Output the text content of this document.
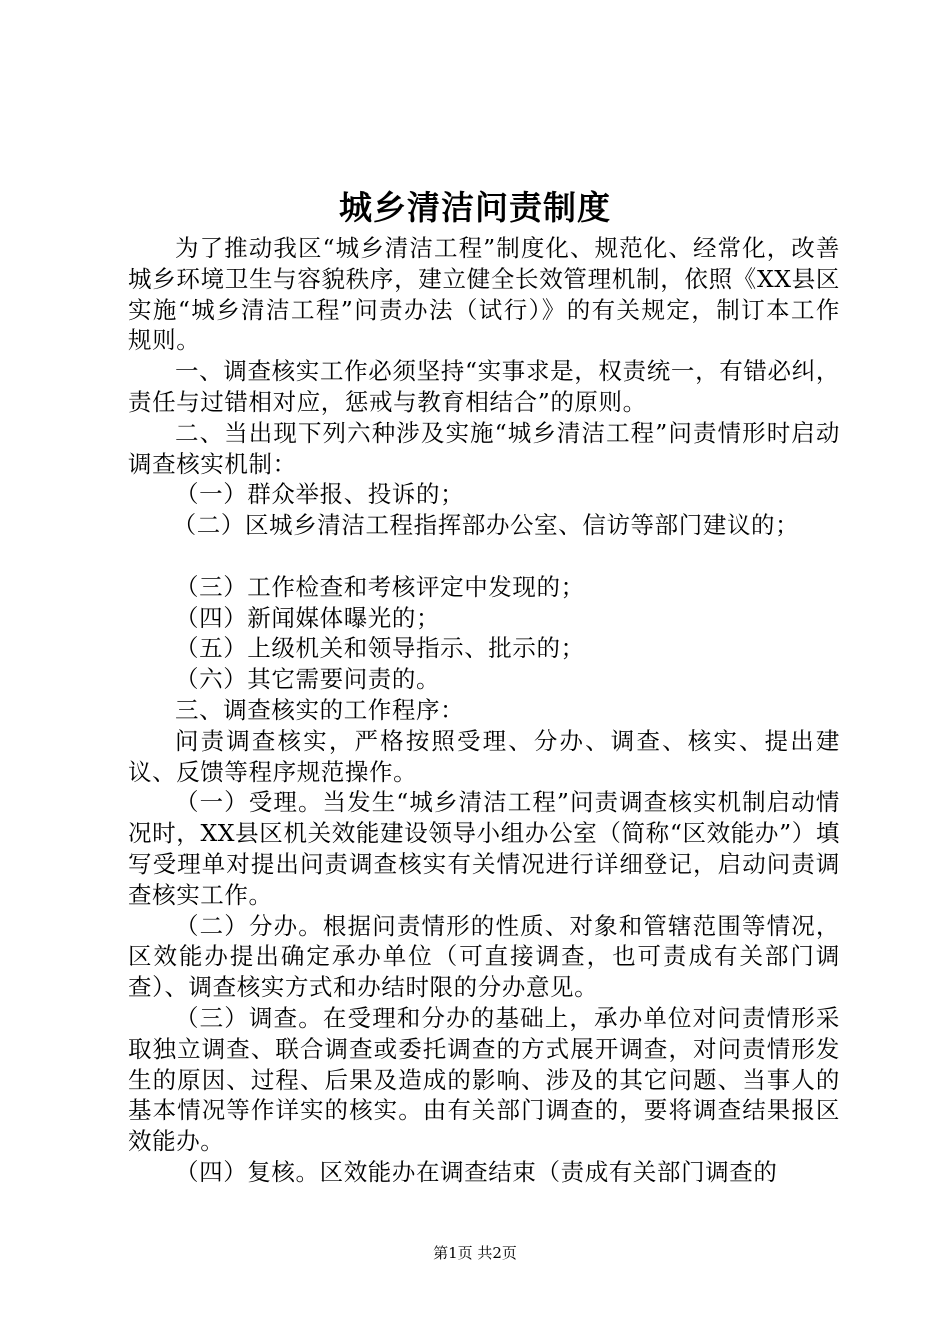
城乡清洁问责制度

为了推动我区“城乡清洁工程”制度化、规范化、经常化，改善城乡环境卫生与容貌秩序，建立健全长效管理机制，依照《XX县区实施“城乡清洁工程”问责办法（试行）》的有关规定，制订本工作规则。

一、调查核实工作必须坚持“实事求是，权责统一，有错必纠，责任与过错相对应，惩戒与教育相结合”的原则。

二、当出现下列六种涉及实施“城乡清洁工程”问责情形时启动调查核实机制：

（一）群众举报、投诉的；

（二）区城乡清洁工程指挥部办公室、信访等部门建议的；

（三）工作检查和考核评定中发现的；

（四）新闻媒体曝光的；

（五）上级机关和领导指示、批示的；

（六）其它需要问责的。

三、调查核实的工作程序：

问责调查核实，严格按照受理、分办、调查、核实、提出建议、反馈等程序规范操作。

（一）受理。当发生“城乡清洁工程”问责调查核实机制启动情况时，XX县区机关效能建设领导小组办公室（简称“区效能办”）填写受理单对提出问责调查核实有关情况进行详细登记，启动问责调查核实工作。

（二）分办。根据问责情形的性质、对象和管辖范围等情况，区效能办提出确定承办单位（可直接调查，也可责成有关部门调查）、调查核实方式和办结时限的分办意见。

（三）调查。在受理和分办的基础上，承办单位对问责情形采取独立调查、联合调查或委托调查的方式展开调查，对问责情形发生的原因、过程、后果及造成的影响、涉及的其它问题、当事人的基本情况等作详实的核实。由有关部门调查的，要将调查结果报区效能办。

（四）复核。区效能办在调查结束（责成有关部门调查的

第1页 共2页
